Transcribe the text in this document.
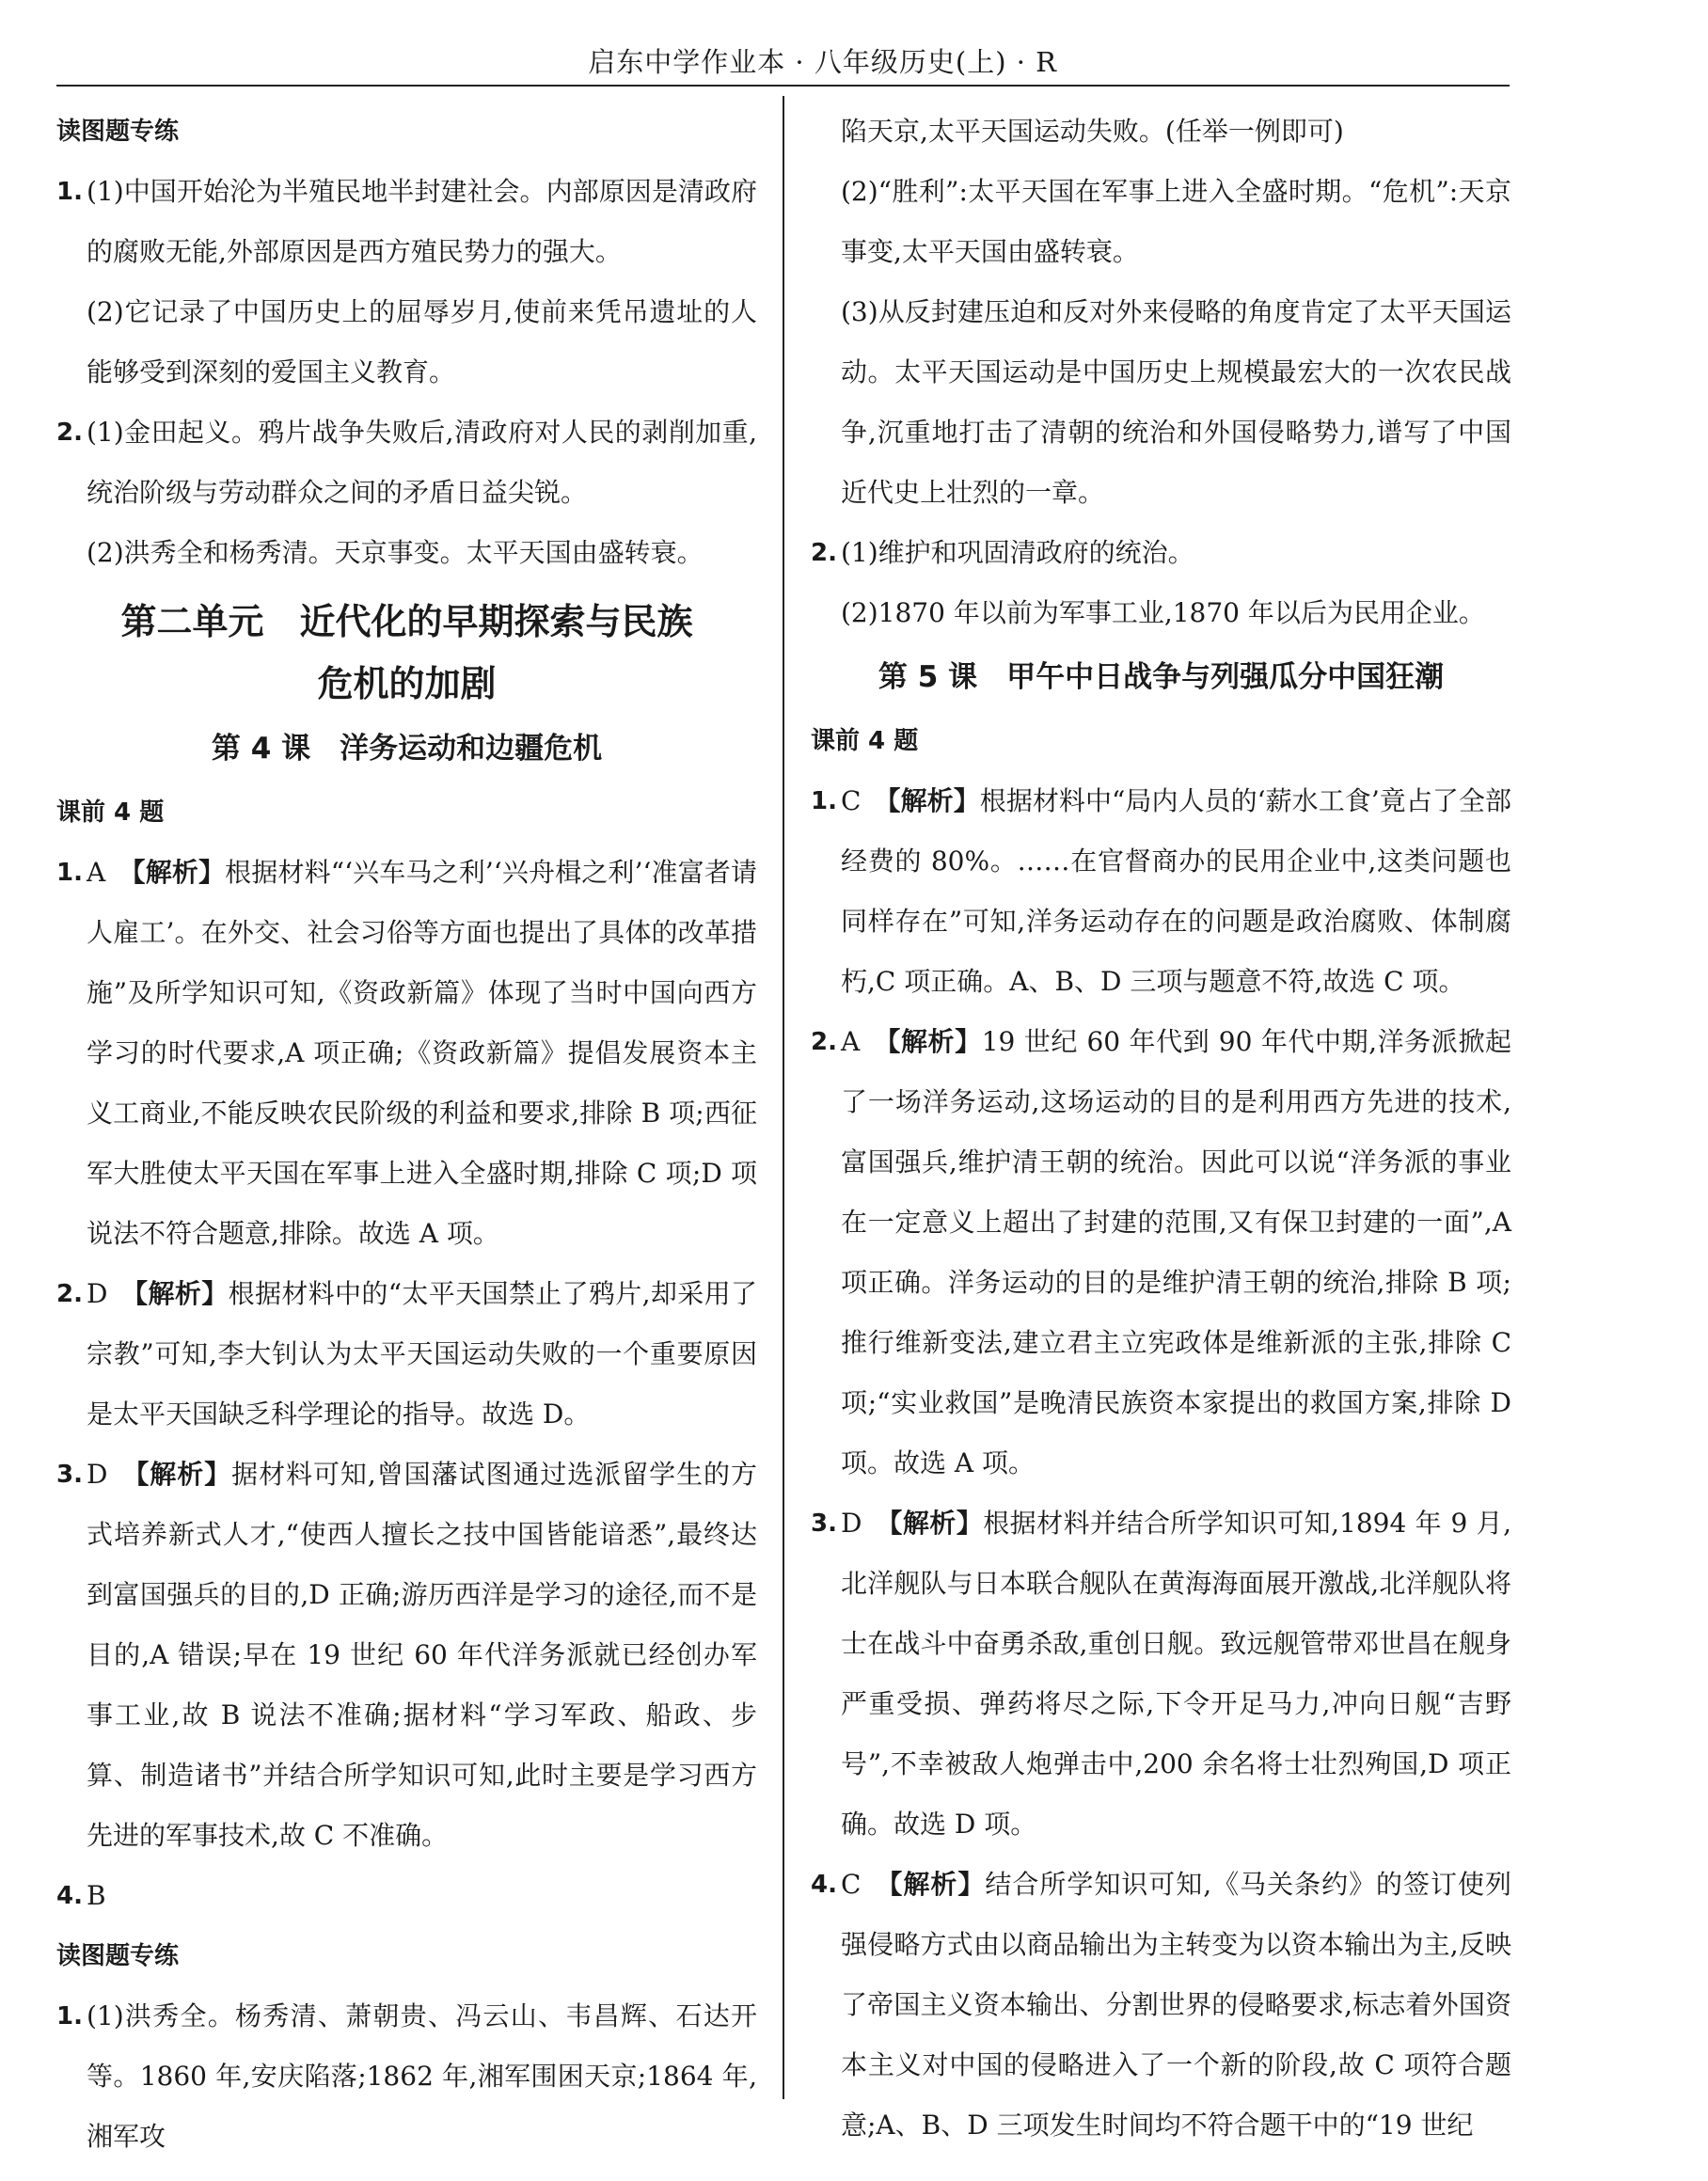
启东中学作业本 · 八年级历史(上) · R
读图题专练
1. (1)中国开始沦为半殖民地半封建社会。内部原因是清政府的腐败无能,外部原因是西方殖民势力的强大。
(2)它记录了中国历史上的屈辱岁月,使前来凭吊遗址的人能够受到深刻的爱国主义教育。
2. (1)金田起义。鸦片战争失败后,清政府对人民的剥削加重,统治阶级与劳动群众之间的矛盾日益尖锐。
(2)洪秀全和杨秀清。天京事变。太平天国由盛转衰。
第二单元　近代化的早期探索与民族
危机的加剧
第 4 课　洋务运动和边疆危机
课前 4 题
1. A　 【解析】根据材料“‘兴车马之利’‘兴舟楫之利’‘准富者请人雇工’。在外交、社会习俗等方面也提出了具体的改革措施”及所学知识可知,《资政新篇》体现了当时中国向西方学习的时代要求,A 项正确;《资政新篇》提倡发展资本主义工商业,不能反映农民阶级的利益和要求,排除 B 项;西征军大胜使太平天国在军事上进入全盛时期,排除 C 项;D 项说法不符合题意,排除。故选 A 项。
2. D　 【解析】根据材料中的“太平天国禁止了鸦片,却采用了宗教”可知,李大钊认为太平天国运动失败的一个重要原因是太平天国缺乏科学理论的指导。故选 D。
3. D　 【解析】据材料可知,曾国藩试图通过选派留学生的方式培养新式人才,“使西人擅长之技中国皆能谙悉”,最终达到富国强兵的目的,D 正确;游历西洋是学习的途径,而不是目的,A 错误;早在 19 世纪 60 年代洋务派就已经创办军事工业,故 B 说法不准确;据材料“学习军政、船政、步算、制造诸书”并结合所学知识可知,此时主要是学习西方先进的军事技术,故 C 不准确。
4. B
读图题专练
1. (1)洪秀全。杨秀清、萧朝贵、冯云山、韦昌辉、石达开等。1860 年,安庆陷落;1862 年,湘军围困天京;1864 年,湘军攻
陷天京,太平天国运动失败。(任举一例即可)
(2)“胜利”:太平天国在军事上进入全盛时期。“危机”:天京事变,太平天国由盛转衰。
(3)从反封建压迫和反对外来侵略的角度肯定了太平天国运动。太平天国运动是中国历史上规模最宏大的一次农民战争,沉重地打击了清朝的统治和外国侵略势力,谱写了中国近代史上壮烈的一章。
2. (1)维护和巩固清政府的统治。
(2)1870 年以前为军事工业,1870 年以后为民用企业。
第 5 课　甲午中日战争与列强瓜分中国狂潮
课前 4 题
1. C　 【解析】根据材料中“局内人员的‘薪水工食’竟占了全部经费的 80%。……在官督商办的民用企业中,这类问题也同样存在”可知,洋务运动存在的问题是政治腐败、体制腐朽,C 项正确。A、B、D 三项与题意不符,故选 C 项。
2. A　 【解析】19 世纪 60 年代到 90 年代中期,洋务派掀起了一场洋务运动,这场运动的目的是利用西方先进的技术,富国强兵,维护清王朝的统治。因此可以说“洋务派的事业在一定意义上超出了封建的范围,又有保卫封建的一面”,A 项正确。洋务运动的目的是维护清王朝的统治,排除 B 项;推行维新变法,建立君主立宪政体是维新派的主张,排除 C 项;“实业救国”是晚清民族资本家提出的救国方案,排除 D 项。故选 A 项。
3. D　 【解析】根据材料并结合所学知识可知,1894 年 9 月,北洋舰队与日本联合舰队在黄海海面展开激战,北洋舰队将士在战斗中奋勇杀敌,重创日舰。致远舰管带邓世昌在舰身严重受损、弹药将尽之际,下令开足马力,冲向日舰“吉野号”,不幸被敌人炮弹击中,200 余名将士壮烈殉国,D 项正确。故选 D 项。
4. C　 【解析】结合所学知识可知,《马关条约》的签订使列强侵略方式由以商品输出为主转变为以资本输出为主,反映了帝国主义资本输出、分割世界的侵略要求,标志着外国资本主义对中国的侵略进入了一个新的阶段,故 C 项符合题意;A、B、D 三项发生时间均不符合题干中的“19 世纪
